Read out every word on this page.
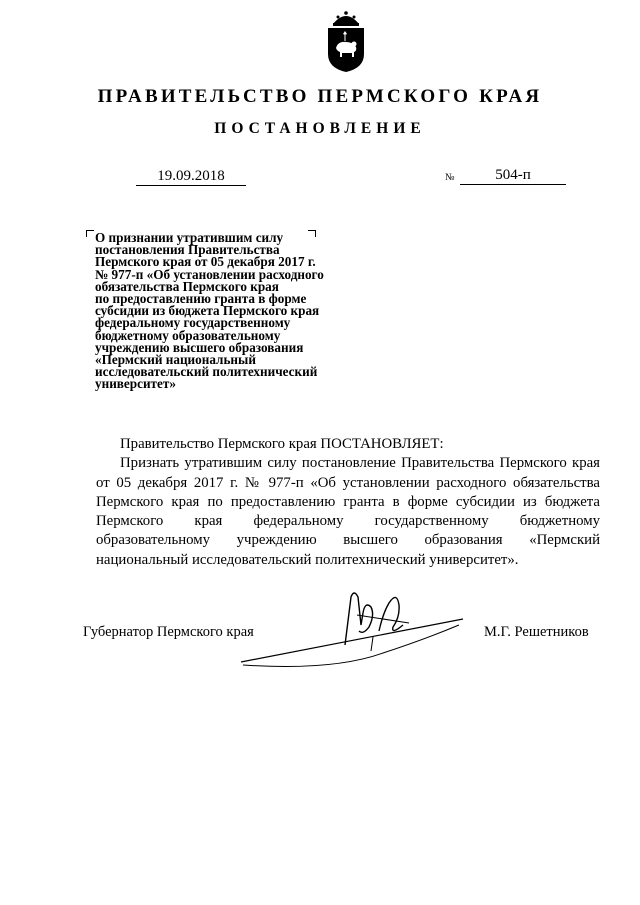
ПРАВИТЕЛЬСТВО ПЕРМСКОГО КРАЯ
ПОСТАНОВЛЕНИЕ
19.09.2018	№	504-п
О признании утратившим силу
постановления Правительства
Пермского края от 05 декабря 2017 г.
№ 977-п «Об установлении расходного
обязательства Пермского края
по предоставлению гранта в форме
субсидии из бюджета Пермского края
федеральному государственному
бюджетному образовательному
учреждению высшего образования
«Пермский национальный
исследовательский политехнический
университет»
Правительство Пермского края ПОСТАНОВЛЯЕТ:
Признать утратившим силу постановление Правительства Пермского края от 05 декабря 2017 г. № 977-п «Об установлении расходного обязательства Пермского края по предоставлению гранта в форме субсидии из бюджета Пермского края федеральному государственному бюджетному образовательному учреждению высшего образования «Пермский национальный исследовательский политехнический университет».
Губернатор Пермского края	М.Г. Решетников
